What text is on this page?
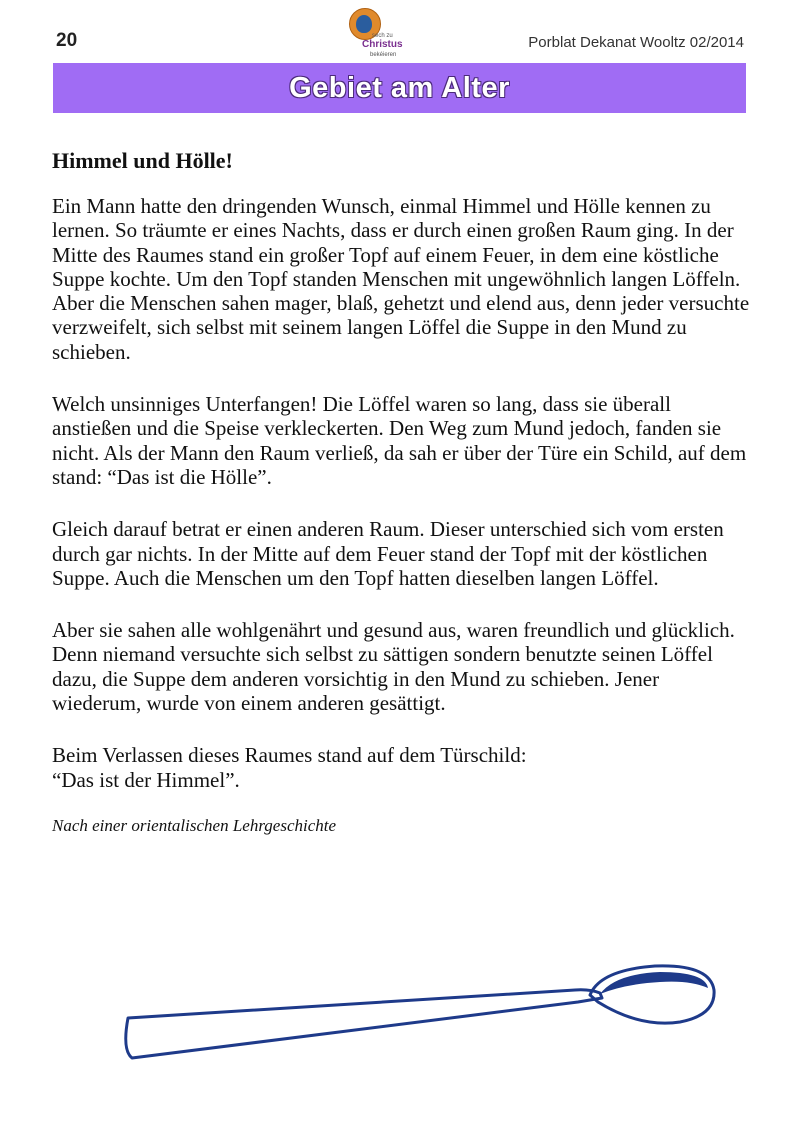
20	sech zu
Christus
bekéieren
Porblat Dekanat Wooltz 02/2014
Gebiet am Alter
Himmel und Hölle!

Ein Mann hatte den dringenden Wunsch, einmal Himmel und Hölle kennen zu lernen. So träumte er eines Nachts, dass er durch einen großen Raum ging. In der Mitte des Raumes stand ein großer Topf auf einem Feuer, in dem eine köstliche Suppe kochte. Um den Topf standen Menschen mit ungewöhnlich langen Löffeln. Aber die Menschen sahen mager, blaß, gehetzt und elend aus, denn jeder versuchte verzweifelt, sich selbst mit seinem langen Löffel die Suppe in den Mund zu schieben.

Welch unsinniges Unterfangen! Die Löffel waren so lang, dass sie überall anstießen und die Speise verkleckerten. Den Weg zum Mund jedoch, fanden sie nicht. Als der Mann den Raum verließ, da sah er über der Türe ein Schild, auf dem stand: “Das ist die Hölle”.

Gleich darauf betrat er einen anderen Raum. Dieser unterschied sich vom ersten durch gar nichts. In der Mitte auf dem Feuer stand der Topf mit der köstlichen Suppe. Auch die Menschen um den Topf hatten dieselben langen Löffel.

Aber sie sahen alle wohlgenährt und gesund aus, waren freundlich und glücklich. Denn niemand versuchte sich selbst zu sättigen sondern benutzte seinen Löffel dazu, die Suppe dem anderen vorsichtig in den Mund zu schieben. Jener wiederum, wurde von einem anderen gesättigt.

Beim Verlassen dieses Raumes stand auf dem Türschild:
“Das ist der Himmel”.

Nach einer orientalischen Lehrgeschichte
